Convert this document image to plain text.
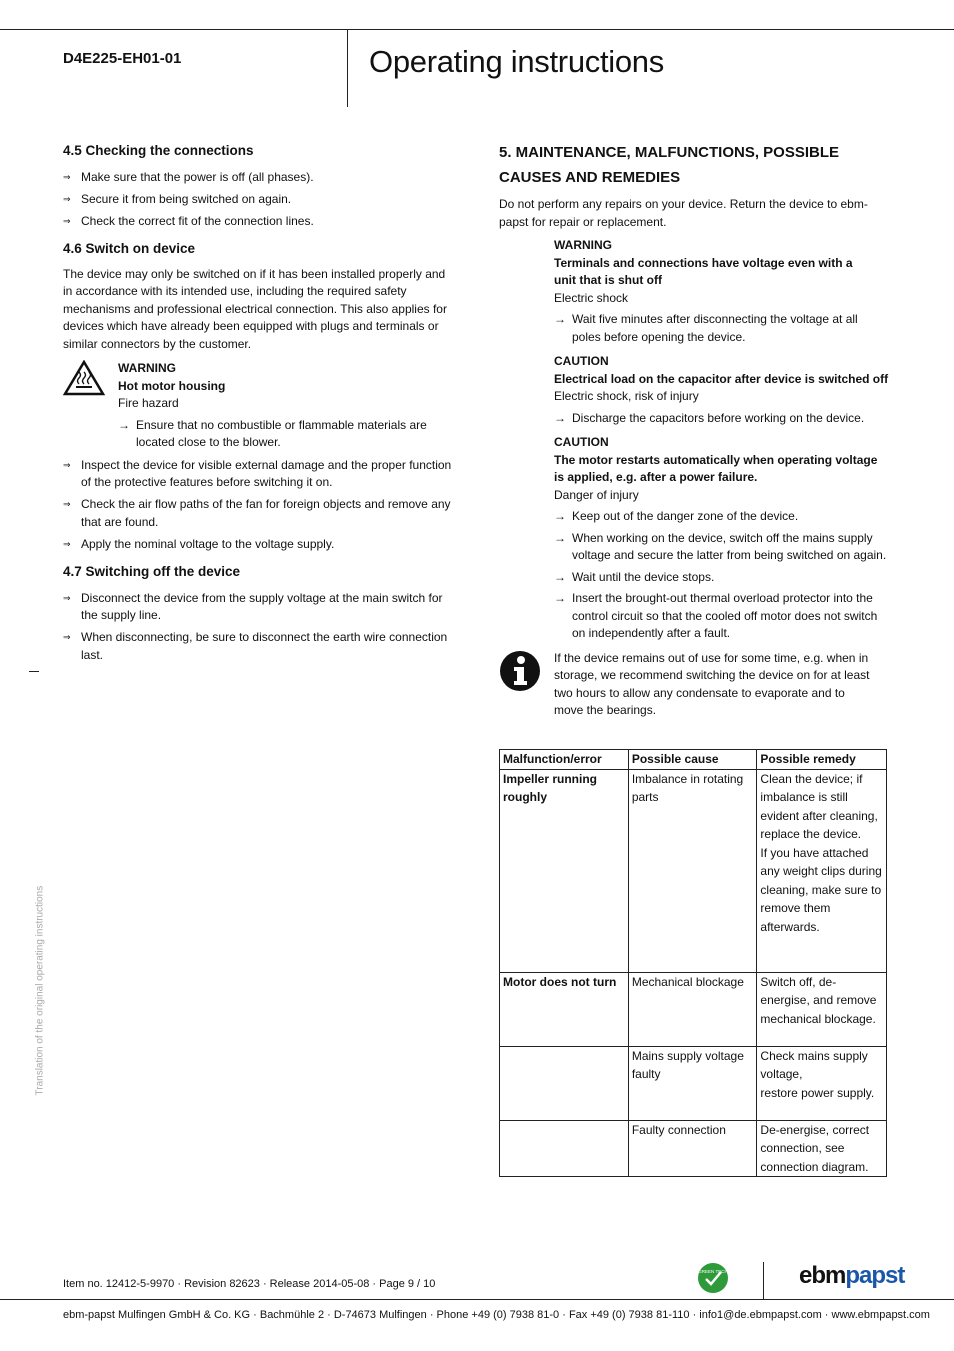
D4E225-EH01-01	Operating instructions

4.5 Checking the connections

⇒ Make sure that the power is off (all phases).
⇒ Secure it from being switched on again.
⇒ Check the correct fit of the connection lines.

4.6 Switch on device

The device may only be switched on if it has been installed properly and in accordance with its intended use, including the required safety mechanisms and professional electrical connection. This also applies for devices which have already been equipped with plugs and terminals or similar connectors by the customer.

WARNING
Hot motor housing
Fire hazard
→ Ensure that no combustible or flammable materials are located close to the blower.
⇒ Inspect the device for visible external damage and the proper function of the protective features before switching it on.
⇒ Check the air flow paths of the fan for foreign objects and remove any that are found.
⇒ Apply the nominal voltage to the voltage supply.

4.7 Switching off the device

⇒ Disconnect the device from the supply voltage at the main switch for the supply line.
⇒ When disconnecting, be sure to disconnect the earth wire connection last.
Translation of the original operating instructions

5. MAINTENANCE, MALFUNCTIONS, POSSIBLE CAUSES AND REMEDIES

Do not perform any repairs on your device. Return the device to ebm-papst for repair or replacement.

WARNING
Terminals and connections have voltage even with a unit that is shut off
Electric shock
→ Wait five minutes after disconnecting the voltage at all poles before opening the device.
CAUTION
Electrical load on the capacitor after device is switched off
Electric shock, risk of injury
→ Discharge the capacitors before working on the device.
CAUTION
The motor restarts automatically when operating voltage is applied, e.g. after a power failure.
Danger of injury
→ Keep out of the danger zone of the device.
→ When working on the device, switch off the mains supply voltage and secure the latter from being switched on again.
→ Wait until the device stops.
→ Insert the brought-out thermal overload protector into the control circuit so that the cooled off motor does not switch on independently after a fault.
If the device remains out of use for some time, e.g. when in storage, we recommend switching the device on for at least two hours to allow any condensate to evaporate and to move the bearings.
Malfunction/error	Possible cause	Possible remedy
Impeller running roughly	Imbalance in rotating parts	Clean the device; if imbalance is still evident after cleaning, replace the device.
If you have attached any weight clips during cleaning, make sure to remove them afterwards.
Motor does not turn	Mechanical blockage	Switch off, de-energise, and remove mechanical blockage.
	Mains supply voltage faulty	Check mains supply voltage,
restore power supply.
	Faulty connection	De-energise, correct connection, see connection diagram.
Item no. 12412-5-9970 · Revision 82623 · Release 2014-05-08 · Page 9 / 10
GREEN TECH	ebmpapst
ebm-papst Mulfingen GmbH & Co. KG · Bachmühle 2 · D-74673 Mulfingen · Phone +49 (0) 7938 81-0 · Fax +49 (0) 7938 81-110 · info1@de.ebmpapst.com · www.ebmpapst.com
